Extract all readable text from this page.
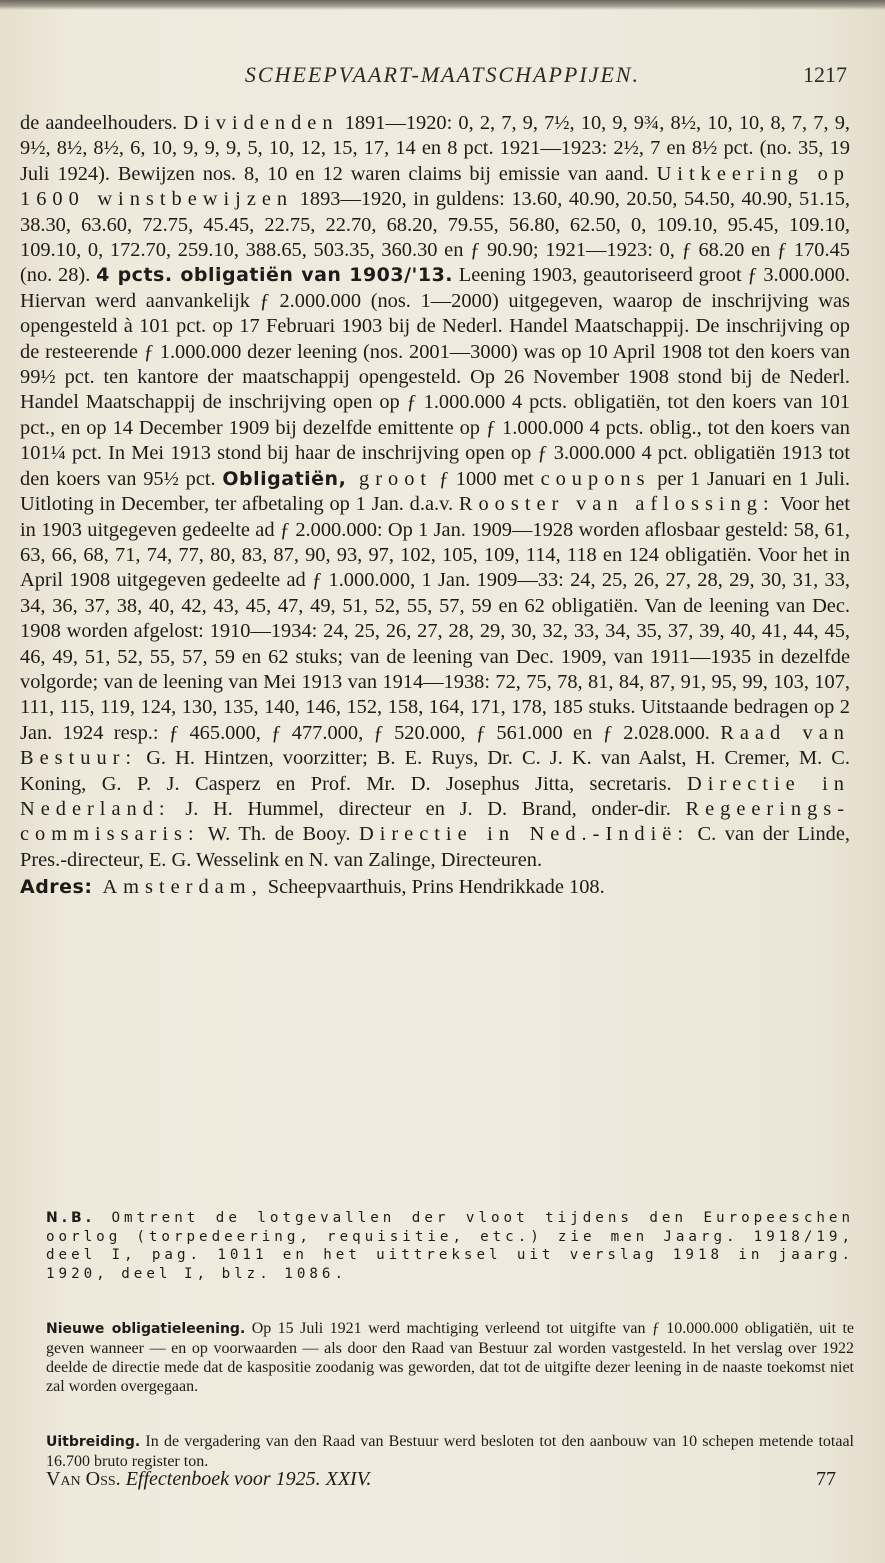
SCHEEPVAART-MAATSCHAPPIJEN.	1217

de aandeelhouders. Dividenden 1891—1920: 0, 2, 7, 9, 7½, 10, 9, 9¾, 8½, 10, 10, 8, 7, 7, 9, 9½, 8½, 8½, 6, 10, 9, 9, 9, 5, 10, 12, 15, 17, 14 en 8 pct. 1921—1923: 2½, 7 en 8½ pct. (no. 35, 19 Juli 1924). Bewijzen nos. 8, 10 en 12 waren claims bij emissie van aand. Uitkeering op 1600 winstbewijzen 1893—1920, in guldens: 13.60, 40.90, 20.50, 54.50, 40.90, 51.15, 38.30, 63.60, 72.75, 45.45, 22.75, 22.70, 68.20, 79.55, 56.80, 62.50, 0, 109.10, 95.45, 109.10, 109.10, 0, 172.70, 259.10, 388.65, 503.35, 360.30 en ƒ 90.90; 1921—1923: 0, ƒ 68.20 en ƒ 170.45 (no. 28). 4 pcts. obligatiën van 1903/'13. Leening 1903, geautoriseerd groot ƒ 3.000.000. Hiervan werd aanvankelijk ƒ 2.000.000 (nos. 1—2000) uitgegeven, waarop de inschrijving was opengesteld à 101 pct. op 17 Februari 1903 bij de Nederl. Handel Maatschappij. De inschrijving op de resteerende ƒ 1.000.000 dezer leening (nos. 2001—3000) was op 10 April 1908 tot den koers van 99½ pct. ten kantore der maatschappij opengesteld. Op 26 November 1908 stond bij de Nederl. Handel Maatschappij de inschrijving open op ƒ 1.000.000 4 pcts. obligatiën, tot den koers van 101 pct., en op 14 December 1909 bij dezelfde emittente op ƒ 1.000.000 4 pcts. oblig., tot den koers van 101¼ pct. In Mei 1913 stond bij haar de inschrijving open op ƒ 3.000.000 4 pct. obligatiën 1913 tot den koers van 95½ pct. Obligatiën, groot ƒ 1000 met coupons per 1 Januari en 1 Juli. Uitloting in December, ter afbetaling op 1 Jan. d.a.v. Rooster van aflossing: Voor het in 1903 uitgegeven gedeelte ad ƒ 2.000.000: Op 1 Jan. 1909—1928 worden aflosbaar gesteld: 58, 61, 63, 66, 68, 71, 74, 77, 80, 83, 87, 90, 93, 97, 102, 105, 109, 114, 118 en 124 obligatiën. Voor het in April 1908 uitgegeven gedeelte ad ƒ 1.000.000, 1 Jan. 1909—33: 24, 25, 26, 27, 28, 29, 30, 31, 33, 34, 36, 37, 38, 40, 42, 43, 45, 47, 49, 51, 52, 55, 57, 59 en 62 obligatiën. Van de leening van Dec. 1908 worden afgelost: 1910—1934: 24, 25, 26, 27, 28, 29, 30, 32, 33, 34, 35, 37, 39, 40, 41, 44, 45, 46, 49, 51, 52, 55, 57, 59 en 62 stuks; van de leening van Dec. 1909, van 1911—1935 in dezelfde volgorde; van de leening van Mei 1913 van 1914—1938: 72, 75, 78, 81, 84, 87, 91, 95, 99, 103, 107, 111, 115, 119, 124, 130, 135, 140, 146, 152, 158, 164, 171, 178, 185 stuks. Uitstaande bedragen op 2 Jan. 1924 resp.: ƒ 465.000, ƒ 477.000, ƒ 520.000, ƒ 561.000 en ƒ 2.028.000. Raad van Bestuur: G. H. Hintzen, voorzitter; B. E. Ruys, Dr. C. J. K. van Aalst, H. Cremer, M. C. Koning, G. P. J. Casperz en Prof. Mr. D. Josephus Jitta, secretaris. Directie in Nederland: J. H. Hummel, directeur en J. D. Brand, onder-dir. Regeerings-commissaris: W. Th. de Booy. Directie in Ned.-Indië: C. van der Linde, Pres.-directeur, E. G. Wesselink en N. van Zalinge, Directeuren.

Adres: Amsterdam, Scheepvaarthuis, Prins Hendrikkade 108.

N.B. Omtrent de lotgevallen der vloot tijdens den Europeeschen oorlog (torpedeering, requisitie, etc.) zie men Jaarg. 1918/19, deel I, pag. 1011 en het uittreksel uit verslag 1918 in jaarg. 1920, deel I, blz. 1086.
Nieuwe obligatieleening. Op 15 Juli 1921 werd machtiging verleend tot uitgifte van ƒ 10.000.000 obligatiën, uit te geven wanneer — en op voorwaarden — als door den Raad van Bestuur zal worden vastgesteld. In het verslag over 1922 deelde de directie mede dat de kaspositie zoodanig was geworden, dat tot de uitgifte dezer leening in de naaste toekomst niet zal worden overgegaan.
Uitbreiding. In de vergadering van den Raad van Bestuur werd besloten tot den aanbouw van 10 schepen metende totaal 16.700 bruto register ton.
Van Oss. Effectenboek voor 1925. XXIV.	77
